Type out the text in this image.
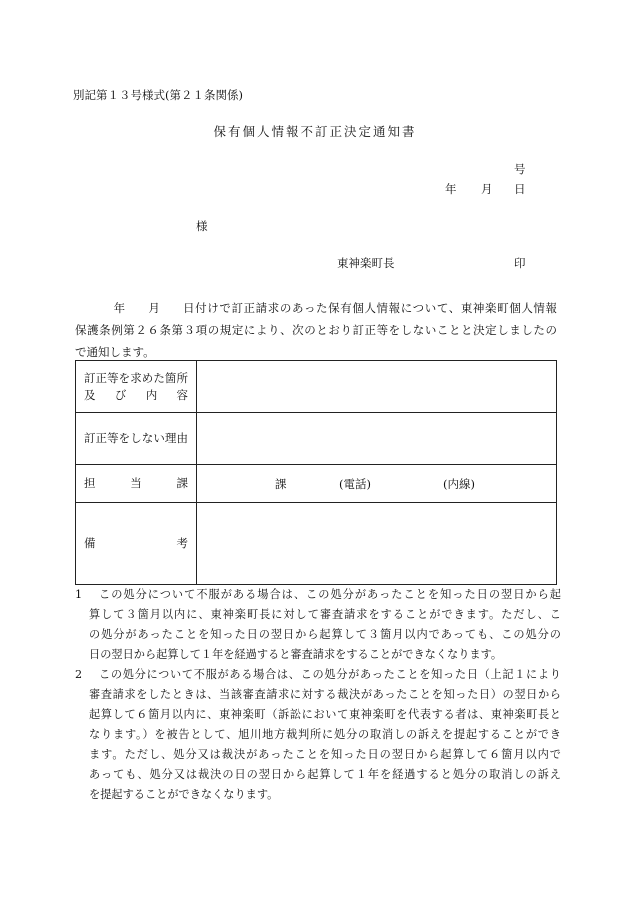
別記第１３号様式(第２１条関係)
保有個人情報不訂正決定通知書
号
年 月 日
様
東神楽町長	印
年 月 日付けで訂正請求のあった保有個人情報について、東神楽町個人情報
保護条例第２６条第３項の規定により、次のとおり訂正等をしないことと決定しましたの
で通知します。
訂正等を求めた箇所
及び内容	

訂正等をしない理由	

担当課	課 (電話) (内線)

備考	

1	この処分について不服がある場合は、この処分があったことを知った日の翌日から起
算して３箇月以内に、東神楽町長に対して審査請求をすることができます。ただし、こ
の処分があったことを知った日の翌日から起算して３箇月以内であっても、この処分の
日の翌日から起算して１年を経過すると審査請求をすることができなくなります。
2	この処分について不服がある場合は、この処分があったことを知った日（上記１により
審査請求をしたときは、当該審査請求に対する裁決があったことを知った日）の翌日から
起算して６箇月以内に、東神楽町（訴訟において東神楽町を代表する者は、東神楽町長と
なります。）を被告として、旭川地方裁判所に処分の取消しの訴えを提起することができ
ます。ただし、処分又は裁決があったことを知った日の翌日から起算して６箇月以内で
あっても、処分又は裁決の日の翌日から起算して１年を経過すると処分の取消しの訴え
を提起することができなくなります。
